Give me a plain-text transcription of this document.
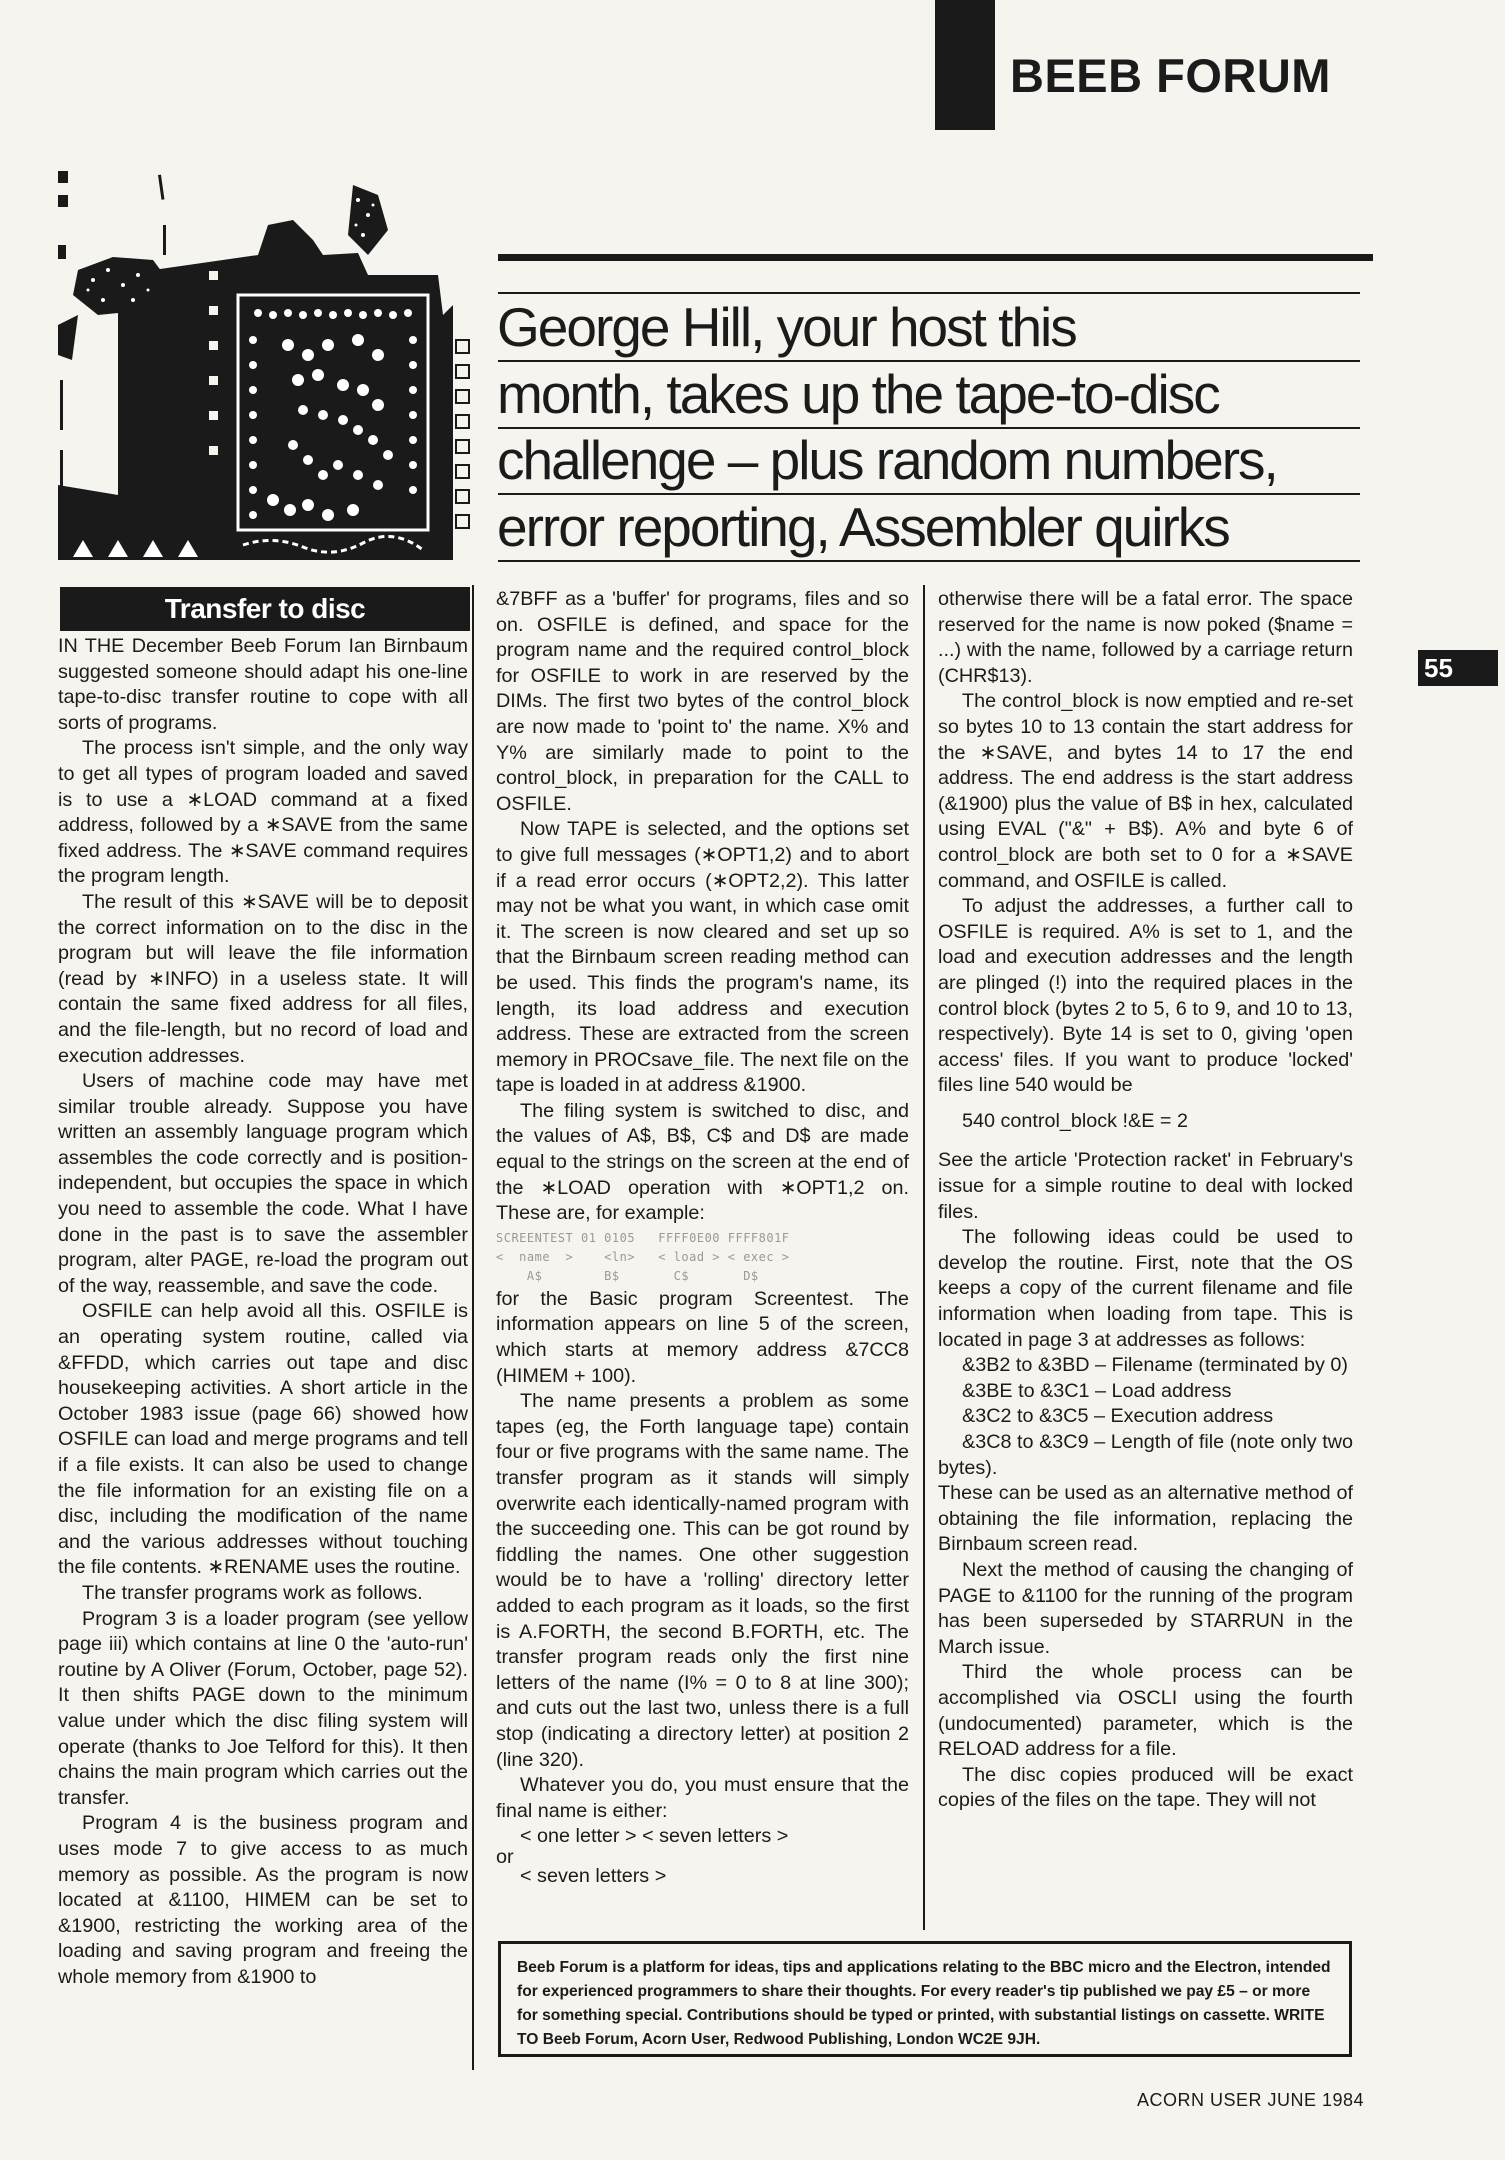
BEEB FORUM
55
George Hill, your host this
month, takes up the tape-to-disc
challenge – plus random numbers,
error reporting, Assembler quirks
Transfer to disc

IN THE December Beeb Forum Ian Birnbaum suggested someone should adapt his one-line tape-to-disc transfer routine to cope with all sorts of programs.

The process isn't simple, and the only way to get all types of program loaded and saved is to use a ∗LOAD command at a fixed address, followed by a ∗SAVE from the same fixed address. The ∗SAVE command requires the program length.

The result of this ∗SAVE will be to deposit the correct information on to the disc in the program but will leave the file information (read by ∗INFO) in a useless state. It will contain the same fixed address for all files, and the file-length, but no record of load and execution addresses.

Users of machine code may have met similar trouble already. Suppose you have written an assembly language program which assembles the code correctly and is position-independent, but occupies the space in which you need to assemble the code. What I have done in the past is to save the assembler program, alter PAGE, re-load the program out of the way, reassemble, and save the code.

OSFILE can help avoid all this. OSFILE is an operating system routine, called via &FFDD, which carries out tape and disc housekeeping activities. A short article in the October 1983 issue (page 66) showed how OSFILE can load and merge programs and tell if a file exists. It can also be used to change the file information for an existing file on a disc, including the modification of the name and the various addresses without touching the file contents. ∗RENAME uses the routine.

The transfer programs work as follows.

Program 3 is a loader program (see yellow page iii) which contains at line 0 the 'auto-run' routine by A Oliver (Forum, October, page 52). It then shifts PAGE down to the minimum value under which the disc filing system will operate (thanks to Joe Telford for this). It then chains the main program which carries out the transfer.

Program 4 is the business program and uses mode 7 to give access to as much memory as possible. As the program is now located at &1100, HIMEM can be set to &1900, restricting the working area of the loading and saving program and freeing the whole memory from &1900 to

&7BFF as a 'buffer' for programs, files and so on. OSFILE is defined, and space for the program name and the required control_block for OSFILE to work in are reserved by the DIMs. The first two bytes of the control_block are now made to 'point to' the name. X% and Y% are similarly made to point to the control_block, in preparation for the CALL to OSFILE.

Now TAPE is selected, and the options set to give full messages (∗OPT1,2) and to abort if a read error occurs (∗OPT2,2). This latter may not be what you want, in which case omit it. The screen is now cleared and set up so that the Birnbaum screen reading method can be used. This finds the program's name, its length, its load address and execution address. These are extracted from the screen memory in PROCsave_file. The next file on the tape is loaded in at address &1900.

The filing system is switched to disc, and the values of A$, B$, C$ and D$ are made equal to the strings on the screen at the end of the ∗LOAD operation with ∗OPT1,2 on. These are, for example:

SCREENTEST 01 0105   FFFF0E00 FFFF801F
<  name  >    <ln>   < load > < exec >
A$        B$       C$       D$

for the Basic program Screentest. The information appears on line 5 of the screen, which starts at memory address &7CC8 (HIMEM + 100).

The name presents a problem as some tapes (eg, the Forth language tape) contain four or five programs with the same name. The transfer program as it stands will simply overwrite each identically-named program with the succeeding one. This can be got round by fiddling the names. One other suggestion would be to have a 'rolling' directory letter added to each program as it loads, so the first is A.FORTH, the second B.FORTH, etc. The transfer program reads only the first nine letters of the name (I% = 0 to 8 at line 300); and cuts out the last two, unless there is a full stop (indicating a directory letter) at position 2 (line 320).

Whatever you do, you must ensure that the final name is either:

< one letter > < seven letters >

or

< seven letters >

otherwise there will be a fatal error. The space reserved for the name is now poked ($name = ...) with the name, followed by a carriage return (CHR$13).

The control_block is now emptied and re-set so bytes 10 to 13 contain the start address for the ∗SAVE, and bytes 14 to 17 the end address. The end address is the start address (&1900) plus the value of B$ in hex, calculated using EVAL ("&" + B$). A% and byte 6 of control_block are both set to 0 for a ∗SAVE command, and OSFILE is called.

To adjust the addresses, a further call to OSFILE is required. A% is set to 1, and the load and execution addresses and the length are plinged (!) into the required places in the control block (bytes 2 to 5, 6 to 9, and 10 to 13, respectively). Byte 14 is set to 0, giving 'open access' files. If you want to produce 'locked' files line 540 would be

540 control_block !&E = 2

See the article 'Protection racket' in February's issue for a simple routine to deal with locked files.

The following ideas could be used to develop the routine. First, note that the OS keeps a copy of the current filename and file information when loading from tape. This is located in page 3 at addresses as follows:

&3B2 to &3BD – Filename (terminated by 0)

&3BE to &3C1 – Load address

&3C2 to &3C5 – Execution address

&3C8 to &3C9 – Length of file (note only two bytes).

These can be used as an alternative method of obtaining the file information, replacing the Birnbaum screen read.

Next the method of causing the changing of PAGE to &1100 for the running of the program has been superseded by STARRUN in the March issue.

Third the whole process can be accomplished via OSCLI using the fourth (undocumented) parameter, which is the RELOAD address for a file.

The disc copies produced will be exact copies of the files on the tape. They will not

Beeb Forum is a platform for ideas, tips and applications relating to the BBC micro and the Electron, intended for experienced programmers to share their thoughts. For every reader's tip published we pay £5 – or more for something special. Contributions should be typed or printed, with substantial listings on cassette. WRITE TO Beeb Forum, Acorn User, Redwood Publishing, London WC2E 9JH.
ACORN USER JUNE 1984
